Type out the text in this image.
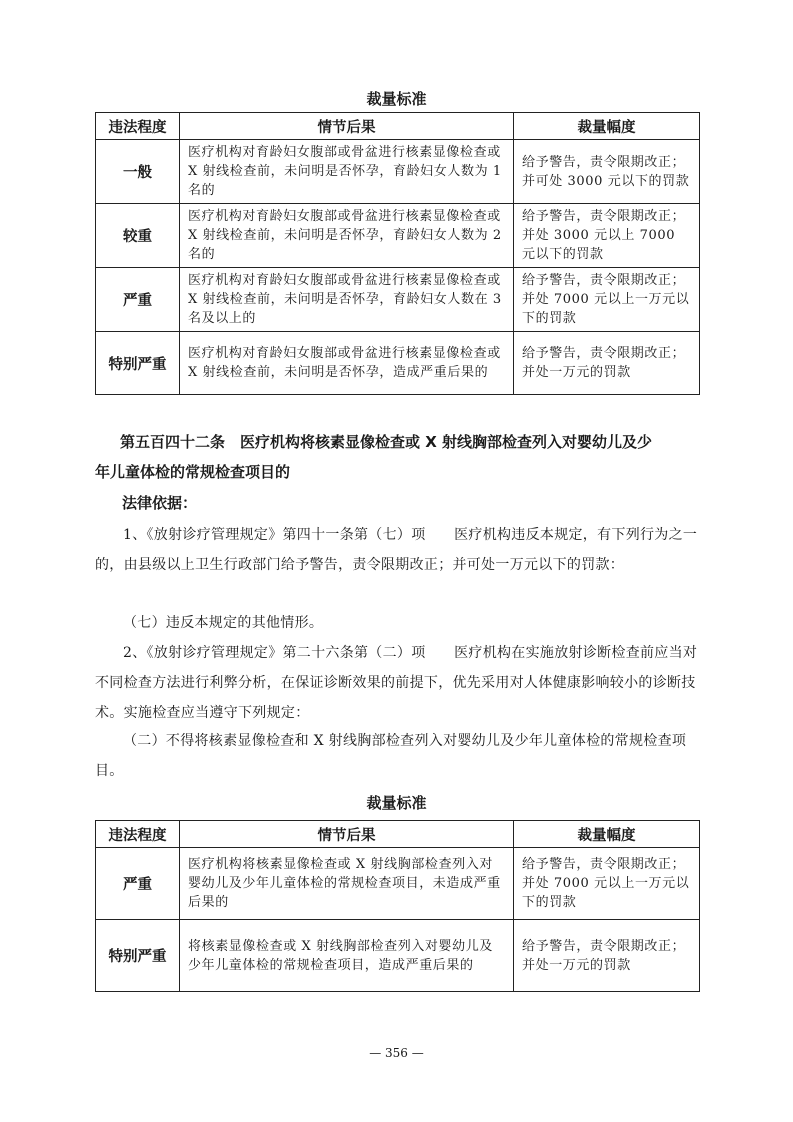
裁量标准
违法程度	情节后果	裁量幅度
一般	医疗机构对育龄妇女腹部或骨盆进行核素显像检查或 X 射线检查前，未问明是否怀孕，育龄妇女人数为 1 名的	给予警告，责令限期改正；并可处 3000 元以下的罚款
较重	医疗机构对育龄妇女腹部或骨盆进行核素显像检查或 X 射线检查前，未问明是否怀孕，育龄妇女人数为 2 名的	给予警告，责令限期改正；并处 3000 元以上 7000 元以下的罚款
严重	医疗机构对育龄妇女腹部或骨盆进行核素显像检查或 X 射线检查前，未问明是否怀孕，育龄妇女人数在 3 名及以上的	给予警告，责令限期改正；并处 7000 元以上一万元以下的罚款
特别严重	医疗机构对育龄妇女腹部或骨盆进行核素显像检查或 X 射线检查前，未问明是否怀孕，造成严重后果的	给予警告，责令限期改正；并处一万元的罚款
第五百四十二条　医疗机构将核素显像检查或 X 射线胸部检查列入对婴幼儿及少
年儿童体检的常规检查项目的
法律依据：
1、《放射诊疗管理规定》第四十一条第（七）项　　医疗机构违反本规定，有下列行为之一的，由县级以上卫生行政部门给予警告，责令限期改正；并可处一万元以下的罚款：
（七）违反本规定的其他情形。
2、《放射诊疗管理规定》第二十六条第（二）项　　医疗机构在实施放射诊断检查前应当对不同检查方法进行利弊分析，在保证诊断效果的前提下，优先采用对人体健康影响较小的诊断技术。实施检查应当遵守下列规定：
（二）不得将核素显像检查和 X 射线胸部检查列入对婴幼儿及少年儿童体检的常规检查项目。
裁量标准
违法程度	情节后果	裁量幅度
严重	医疗机构将核素显像检查或 X 射线胸部检查列入对婴幼儿及少年儿童体检的常规检查项目，未造成严重后果的	给予警告，责令限期改正；并处 7000 元以上一万元以下的罚款
特别严重	将核素显像检查或 X 射线胸部检查列入对婴幼儿及少年儿童体检的常规检查项目，造成严重后果的	给予警告，责令限期改正；并处一万元的罚款
— 356 —
